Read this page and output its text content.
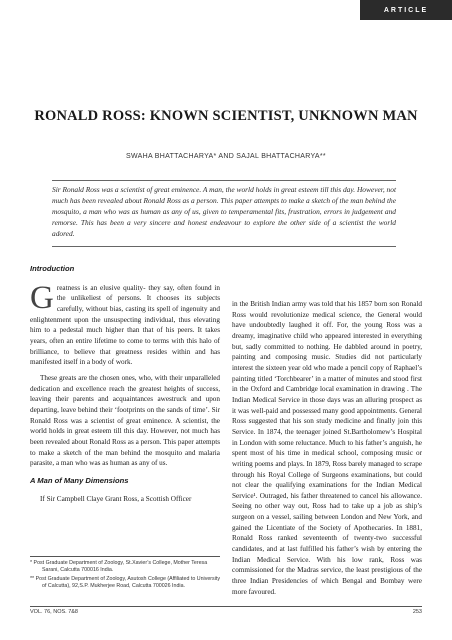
ARTICLE
RONALD ROSS: KNOWN SCIENTIST, UNKNOWN MAN
SWAHA BHATTACHARYA* AND SAJAL BHATTACHARYA**

Sir Ronald Ross was a scientist of great eminence. A man, the world holds in great esteem till this day. However, not much has been revealed about Ronald Ross as a person. This paper attempts to make a sketch of the man behind the mosquito, a man who was as human as any of us, given to temperamental fits, frustration, errors in judgement and remorse. This has been a very sincere and honest endeavour to explore the other side of a scientist the world adored.

Introduction

Greatness is an elusive quality- they say, often found in the unlikeliest of persons. It chooses its subjects carefully, without bias, casting its spell of ingenuity and enlightenment upon the unsuspecting individual, thus elevating him to a pedestal much higher than that of his peers. It takes years, often an entire lifetime to come to terms with this halo of brilliance, to believe that greatness resides within and has manifested itself in a body of work.

These greats are the chosen ones, who, with their unparalleled dedication and excellence reach the greatest heights of success, leaving their parents and acquaintances awestruck and upon departing, leave behind their ‘footprints on the sands of time’. Sir Ronald Ross was a scientist of great eminence. A scientist, the world holds in great esteem till this day. However, not much has been revealed about Ronald Ross as a person. This paper attempts to make a sketch of the man behind the mosquito and malaria parasite, a man who was as human as any of us.

A Man of Many Dimensions

If Sir Campbell Claye Grant Ross, a Scottish Officer

in the British Indian army was told that his 1857 born son Ronald Ross would revolutionize medical science, the General would have undoubtedly laughed it off. For, the young Ross was a dreamy, imaginative child who appeared interested in everything but, sadly committed to nothing. He dabbled around in poetry, painting and composing music. Studies did not particularly interest the sixteen year old who made a pencil copy of Raphael’s painting titled ‘Torchbearer’ in a matter of minutes and stood first in the Oxford and Cambridge local examination in drawing . The Indian Medical Service in those days was an alluring prospect as it was well-paid and possessed many good appointments. General Ross suggested that his son study medicine and finally join this Service. In 1874, the teenager joined St.Bartholomew’s Hospital in London with some reluctance. Much to his father’s anguish, he spent most of his time in medical school, composing music or writing poems and plays. In 1879, Ross barely managed to scrape through his Royal College of Surgeons examinations, but could not clear the qualifying examinations for the Indian Medical Service¹. Outraged, his father threatened to cancel his allowance. Seeing no other way out, Ross had to take up a job as ship’s surgeon on a vessel, sailing between London and New York, and gained the Licentiate of the Society of Apothecaries. In 1881, Ronald Ross ranked seventeenth of twenty-two successful candidates, and at last fulfilled his father’s wish by entering the Indian Medical Service. With his low rank, Ross was commissioned for the Madras service, the least prestigious of the three Indian Presidencies of which Bengal and Bombay were more favoured.

* Post Graduate Department of Zoology, St.Xavier’s College, Mother Teresa Sarani, Calcutta 700016 India.

** Post Graduate Department of Zoology, Asutosh College (Affiliated to University of Calcutta), 92,S.P. Mukherjee Road, Calcutta 700026 India.

VOL. 76, NOS. 7&8	253
